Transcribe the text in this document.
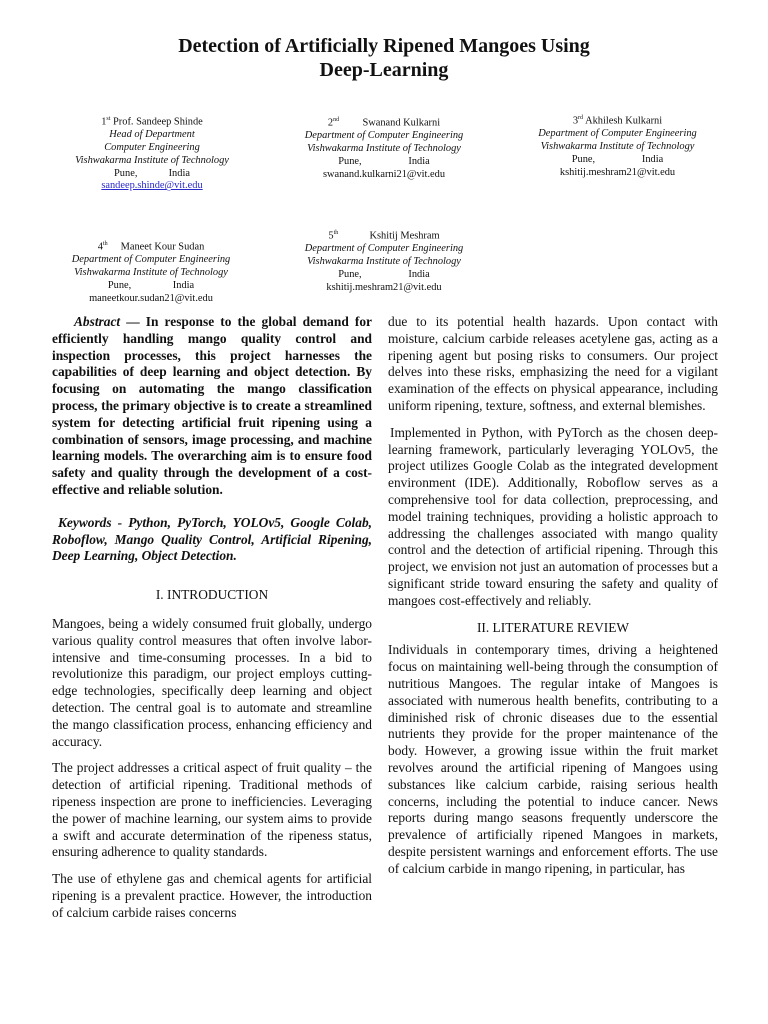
Detection of Artificially Ripened Mangoes Using
Deep-Learning
1st Prof. Sandeep Shinde
Head of Department
Computer Engineering
Vishwakarma Institute of Technology
Pune,	India
sandeep.shinde@vit.edu
2nd Swanand Kulkarni
Department of Computer Engineering
Vishwakarma Institute of Technology
Pune,	India
swanand.kulkarni21@vit.edu
3rd Akhilesh Kulkarni
Department of Computer Engineering
Vishwakarma Institute of Technology
Pune,	India
kshitij.meshram21@vit.edu
4th Maneet Kour Sudan
Department of Computer Engineering
Vishwakarma Institute of Technology
Pune,	India
maneetkour.sudan21@vit.edu
5th	Kshitij Meshram
Department of Computer Engineering
Vishwakarma Institute of Technology
Pune,	India
kshitij.meshram21@vit.edu

Abstract — In response to the global demand for efficiently handling mango quality control and inspection processes, this project harnesses the capabilities of deep learning and object detection. By focusing on automating the mango classification process, the primary objective is to create a streamlined system for detecting artificial fruit ripening using a combination of sensors, image processing, and machine learning models. The overarching aim is to ensure food safety and quality through the development of a cost-effective and reliable solution.

Keywords - Python, PyTorch, YOLOv5, Google Colab, Roboflow, Mango Quality Control, Artificial Ripening, Deep Learning, Object Detection.

I. INTRODUCTION

Mangoes, being a widely consumed fruit globally, undergo various quality control measures that often involve labor-intensive and time-consuming processes. In a bid to revolutionize this paradigm, our project employs cutting-edge technologies, specifically deep learning and object detection. The central goal is to automate and streamline the mango classification process, enhancing efficiency and accuracy.

The project addresses a critical aspect of fruit quality – the detection of artificial ripening. Traditional methods of ripeness inspection are prone to inefficiencies. Leveraging the power of machine learning, our system aims to provide a swift and accurate determination of the ripeness status, ensuring adherence to quality standards.

The use of ethylene gas and chemical agents for artificial ripening is a prevalent practice. However, the introduction of calcium carbide raises concerns

due to its potential health hazards. Upon contact with moisture, calcium carbide releases acetylene gas, acting as a ripening agent but posing risks to consumers. Our project delves into these risks, emphasizing the need for a vigilant examination of the effects on physical appearance, including uniform ripening, texture, softness, and external blemishes.

Implemented in Python, with PyTorch as the chosen deep-learning framework, particularly leveraging YOLOv5, the project utilizes Google Colab as the integrated development environment (IDE). Additionally, Roboflow serves as a comprehensive tool for data collection, preprocessing, and model training techniques, providing a holistic approach to addressing the challenges associated with mango quality control and the detection of artificial ripening. Through this project, we envision not just an automation of processes but a significant stride toward ensuring the safety and quality of mangoes cost-effectively and reliably.

II. LITERATURE REVIEW

Individuals in contemporary times, driving a heightened focus on maintaining well-being through the consumption of nutritious Mangoes. The regular intake of Mangoes is associated with numerous health benefits, contributing to a diminished risk of chronic diseases due to the essential nutrients they provide for the proper maintenance of the body. However, a growing issue within the fruit market revolves around the artificial ripening of Mangoes using substances like calcium carbide, raising serious health concerns, including the potential to induce cancer. News reports during mango seasons frequently underscore the prevalence of artificially ripened Mangoes in markets, despite persistent warnings and enforcement efforts. The use of calcium carbide in mango ripening, in particular, has
